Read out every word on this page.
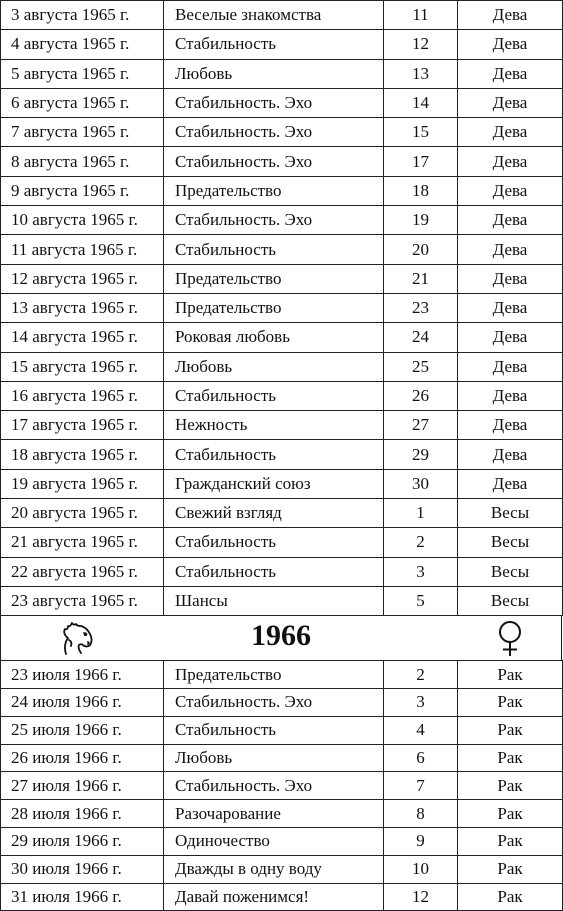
3 августа 1965 г.	Веселые знакомства	11	Дева
4 августа 1965 г.	Стабильность	12	Дева
5 августа 1965 г.	Любовь	13	Дева
6 августа 1965 г.	Стабильность. Эхо	14	Дева
7 августа 1965 г.	Стабильность. Эхо	15	Дева
8 августа 1965 г.	Стабильность. Эхо	17	Дева
9 августа 1965 г.	Предательство	18	Дева
10 августа 1965 г.	Стабильность. Эхо	19	Дева
11 августа 1965 г.	Стабильность	20	Дева
12 августа 1965 г.	Предательство	21	Дева
13 августа 1965 г.	Предательство	23	Дева
14 августа 1965 г.	Роковая любовь	24	Дева
15 августа 1965 г.	Любовь	25	Дева
16 августа 1965 г.	Стабильность	26	Дева
17 августа 1965 г.	Нежность	27	Дева
18 августа 1965 г.	Стабильность	29	Дева
19 августа 1965 г.	Гражданский союз	30	Дева
20 августа 1965 г.	Свежий взгляд	1	Весы
21 августа 1965 г.	Стабильность	2	Весы
22 августа 1965 г.	Стабильность	3	Весы
23 августа 1965 г.	Шансы	5	Весы
1966
23 июля 1966 г.	Предательство	2	Рак
24 июля 1966 г.	Стабильность. Эхо	3	Рак
25 июля 1966 г.	Стабильность	4	Рак
26 июля 1966 г.	Любовь	6	Рак
27 июля 1966 г.	Стабильность. Эхо	7	Рак
28 июля 1966 г.	Разочарование	8	Рак
29 июля 1966 г.	Одиночество	9	Рак
30 июля 1966 г.	Дважды в одну воду	10	Рак
31 июля 1966 г.	Давай поженимся!	12	Рак
